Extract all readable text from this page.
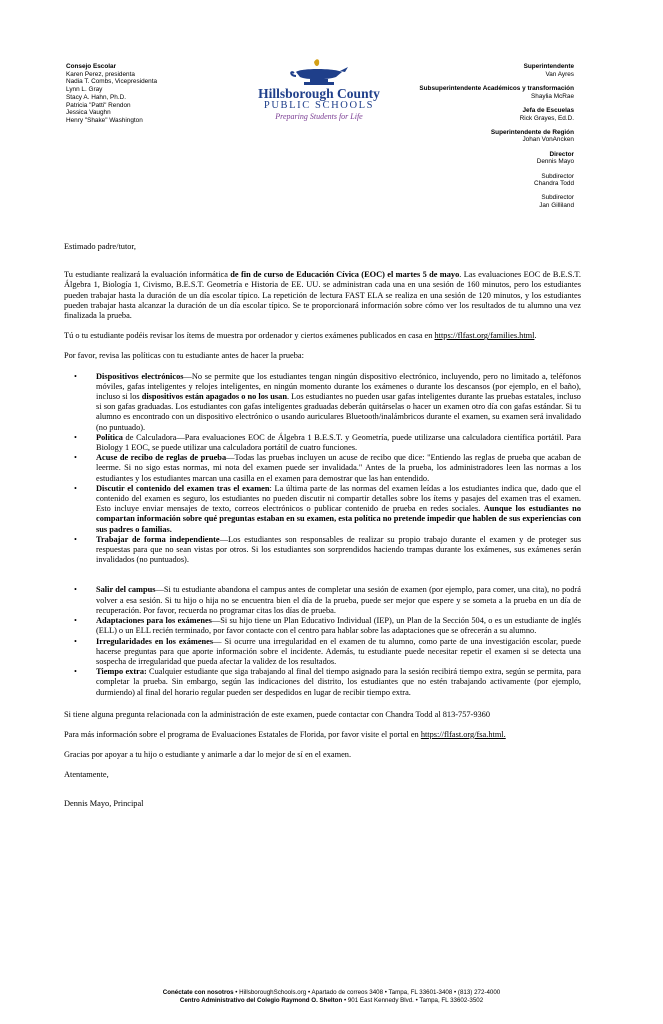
Consejo Escolar
Karen Perez, presidenta
Nadia T. Combs, Vicepresidenta
Lynn L. Gray
Stacy A. Hahn, Ph.D.
Patricia "Patti" Rendon
Jessica Vaughn
Henry "Shake" Washington
Hillsborough County
PUBLIC SCHOOLS
Preparing Students for Life
Superintendente
Van Ayres
Subsuperintendente Académicos y transformación
Shaylia McRae
Jefa de Escuelas
Rick Grayes, Ed.D.
Superintendente de Región
Johan VonAncken
Director
Dennis Mayo
Subdirector
Chandra Todd
Subdirector
Jan Gilliland

Estimado padre/tutor,

Tu estudiante realizará la evaluación informática de fin de curso de Educación Cívica (EOC) el martes 5 de mayo. Las evaluaciones EOC de B.E.S.T. Álgebra 1, Biología 1, Civismo, B.E.S.T. Geometría e Historia de EE. UU. se administran cada una en una sesión de 160 minutos, pero los estudiantes pueden trabajar hasta la duración de un día escolar típico. La repetición de lectura FAST ELA se realiza en una sesión de 120 minutos, y los estudiantes pueden trabajar hasta alcanzar la duración de un día escolar típico. Se te proporcionará información sobre cómo ver los resultados de tu alumno una vez finalizada la prueba.

Tú o tu estudiante podéis revisar los ítems de muestra por ordenador y ciertos exámenes publicados en casa en https://flfast.org/families.html.

Por favor, revisa las políticas con tu estudiante antes de hacer la prueba:

• Dispositivos electrónicos—No se permite que los estudiantes tengan ningún dispositivo electrónico, incluyendo, pero no limitado a, teléfonos móviles, gafas inteligentes y relojes inteligentes, en ningún momento durante los exámenes o durante los descansos (por ejemplo, en el baño), incluso si los dispositivos están apagados o no los usan. Los estudiantes no pueden usar gafas inteligentes durante las pruebas estatales, incluso si son gafas graduadas. Los estudiantes con gafas inteligentes graduadas deberán quitárselas o hacer un examen otro día con gafas estándar. Si tu alumno es encontrado con un dispositivo electrónico o usando auriculares Bluetooth/inalámbricos durante el examen, su examen será invalidado (no puntuado).
• Política de Calculadora—Para evaluaciones EOC de Álgebra 1 B.E.S.T. y Geometría, puede utilizarse una calculadora científica portátil. Para Biology 1 EOC, se puede utilizar una calculadora portátil de cuatro funciones.
• Acuse de recibo de reglas de prueba—Todas las pruebas incluyen un acuse de recibo que dice: "Entiendo las reglas de prueba que acaban de leerme. Si no sigo estas normas, mi nota del examen puede ser invalidada." Antes de la prueba, los administradores leen las normas a los estudiantes y los estudiantes marcan una casilla en el examen para demostrar que las han entendido.
• Discutir el contenido del examen tras el examen: La última parte de las normas del examen leídas a los estudiantes indica que, dado que el contenido del examen es seguro, los estudiantes no pueden discutir ni compartir detalles sobre los ítems y pasajes del examen tras el examen. Esto incluye enviar mensajes de texto, correos electrónicos o publicar contenido de prueba en redes sociales. Aunque los estudiantes no compartan información sobre qué preguntas estaban en su examen, esta política no pretende impedir que hablen de sus experiencias con sus padres o familias.
• Trabajar de forma independiente—Los estudiantes son responsables de realizar su propio trabajo durante el examen y de proteger sus respuestas para que no sean vistas por otros. Si los estudiantes son sorprendidos haciendo trampas durante los exámenes, sus exámenes serán invalidados (no puntuados).
• Salir del campus—Si tu estudiante abandona el campus antes de completar una sesión de examen (por ejemplo, para comer, una cita), no podrá volver a esa sesión. Si tu hijo o hija no se encuentra bien el día de la prueba, puede ser mejor que espere y se someta a la prueba en un día de recuperación. Por favor, recuerda no programar citas los días de prueba.
• Adaptaciones para los exámenes—Si su hijo tiene un Plan Educativo Individual (IEP), un Plan de la Sección 504, o es un estudiante de inglés (ELL) o un ELL recién terminado, por favor contacte con el centro para hablar sobre las adaptaciones que se ofrecerán a su alumno.
• Irregularidades en los exámenes— Si ocurre una irregularidad en el examen de tu alumno, como parte de una investigación escolar, puede hacerse preguntas para que aporte información sobre el incidente. Además, tu estudiante puede necesitar repetir el examen si se detecta una sospecha de irregularidad que pueda afectar la validez de los resultados.
• Tiempo extra: Cualquier estudiante que siga trabajando al final del tiempo asignado para la sesión recibirá tiempo extra, según se permita, para completar la prueba. Sin embargo, según las indicaciones del distrito, los estudiantes que no estén trabajando activamente (por ejemplo, durmiendo) al final del horario regular pueden ser despedidos en lugar de recibir tiempo extra.

Si tiene alguna pregunta relacionada con la administración de este examen, puede contactar con Chandra Todd al 813-757-9360

Para más información sobre el programa de Evaluaciones Estatales de Florida, por favor visite el portal en https://flfast.org/fsa.html.

Gracias por apoyar a tu hijo o estudiante y animarle a dar lo mejor de sí en el examen.

Atentamente,

Dennis Mayo, Principal

Conéctate con nosotros • HillsboroughSchools.org • Apartado de correos 3408 • Tampa, FL 33601-3408 • (813) 272-4000
Centro Administrativo del Colegio Raymond O. Shelton • 901 East Kennedy Blvd. • Tampa, FL 33602-3502
